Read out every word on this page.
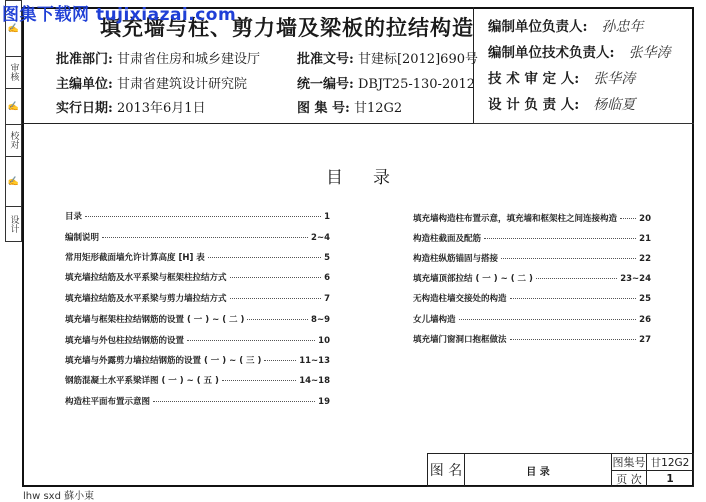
图集下载网 tujixiazai.com
✍
审核
✍
校对
✍
设计
填充墙与柱、剪力墙及梁板的拉结构造
批准部门: 甘肃省住房和城乡建设厅
主编单位: 甘肃省建筑设计研究院
实行日期: 2013年6月1日
批准文号: 甘建标[2012]690号
统一编号: DBJT25-130-2012
图 集 号: 甘12G2
编制单位负责人: 孙忠年
编制单位技术负责人: 张华涛
技 术 审 定 人: 张华涛
设 计 负 责 人: 杨临夏
目录
目录	1
编制说明	2~4
常用矩形截面墙允许计算高度 [H] 表	5
填充墙拉结筋及水平系梁与框架柱拉结方式	6
填充墙拉结筋及水平系梁与剪力墙拉结方式	7
填充墙与框架柱拉结钢筋的设置 ( 一 ) ~ ( 二 )	8~9
填充墙与外包柱拉结钢筋的设置	10
填充墙与外露剪力墙拉结钢筋的设置 ( 一 ) ~ ( 三 )	11~13
钢筋混凝土水平系梁详图 ( 一 ) ~ ( 五 )	14~18
构造柱平面布置示意图	19
填充墙构造柱布置示意，填充墙和框架柱之间连接构造	20
构造柱截面及配筋	21
构造柱纵筋锚固与搭接	22
填充墙顶部拉结 ( 一 ) ~ ( 二 )	23~24
无构造柱墙交接处的构造	25
女儿墙构造	26
填充墙门窗洞口抱框做法	27
图 名	目 录
图集号 甘12G2
页 次	1
lhw sxd 蘇小東
